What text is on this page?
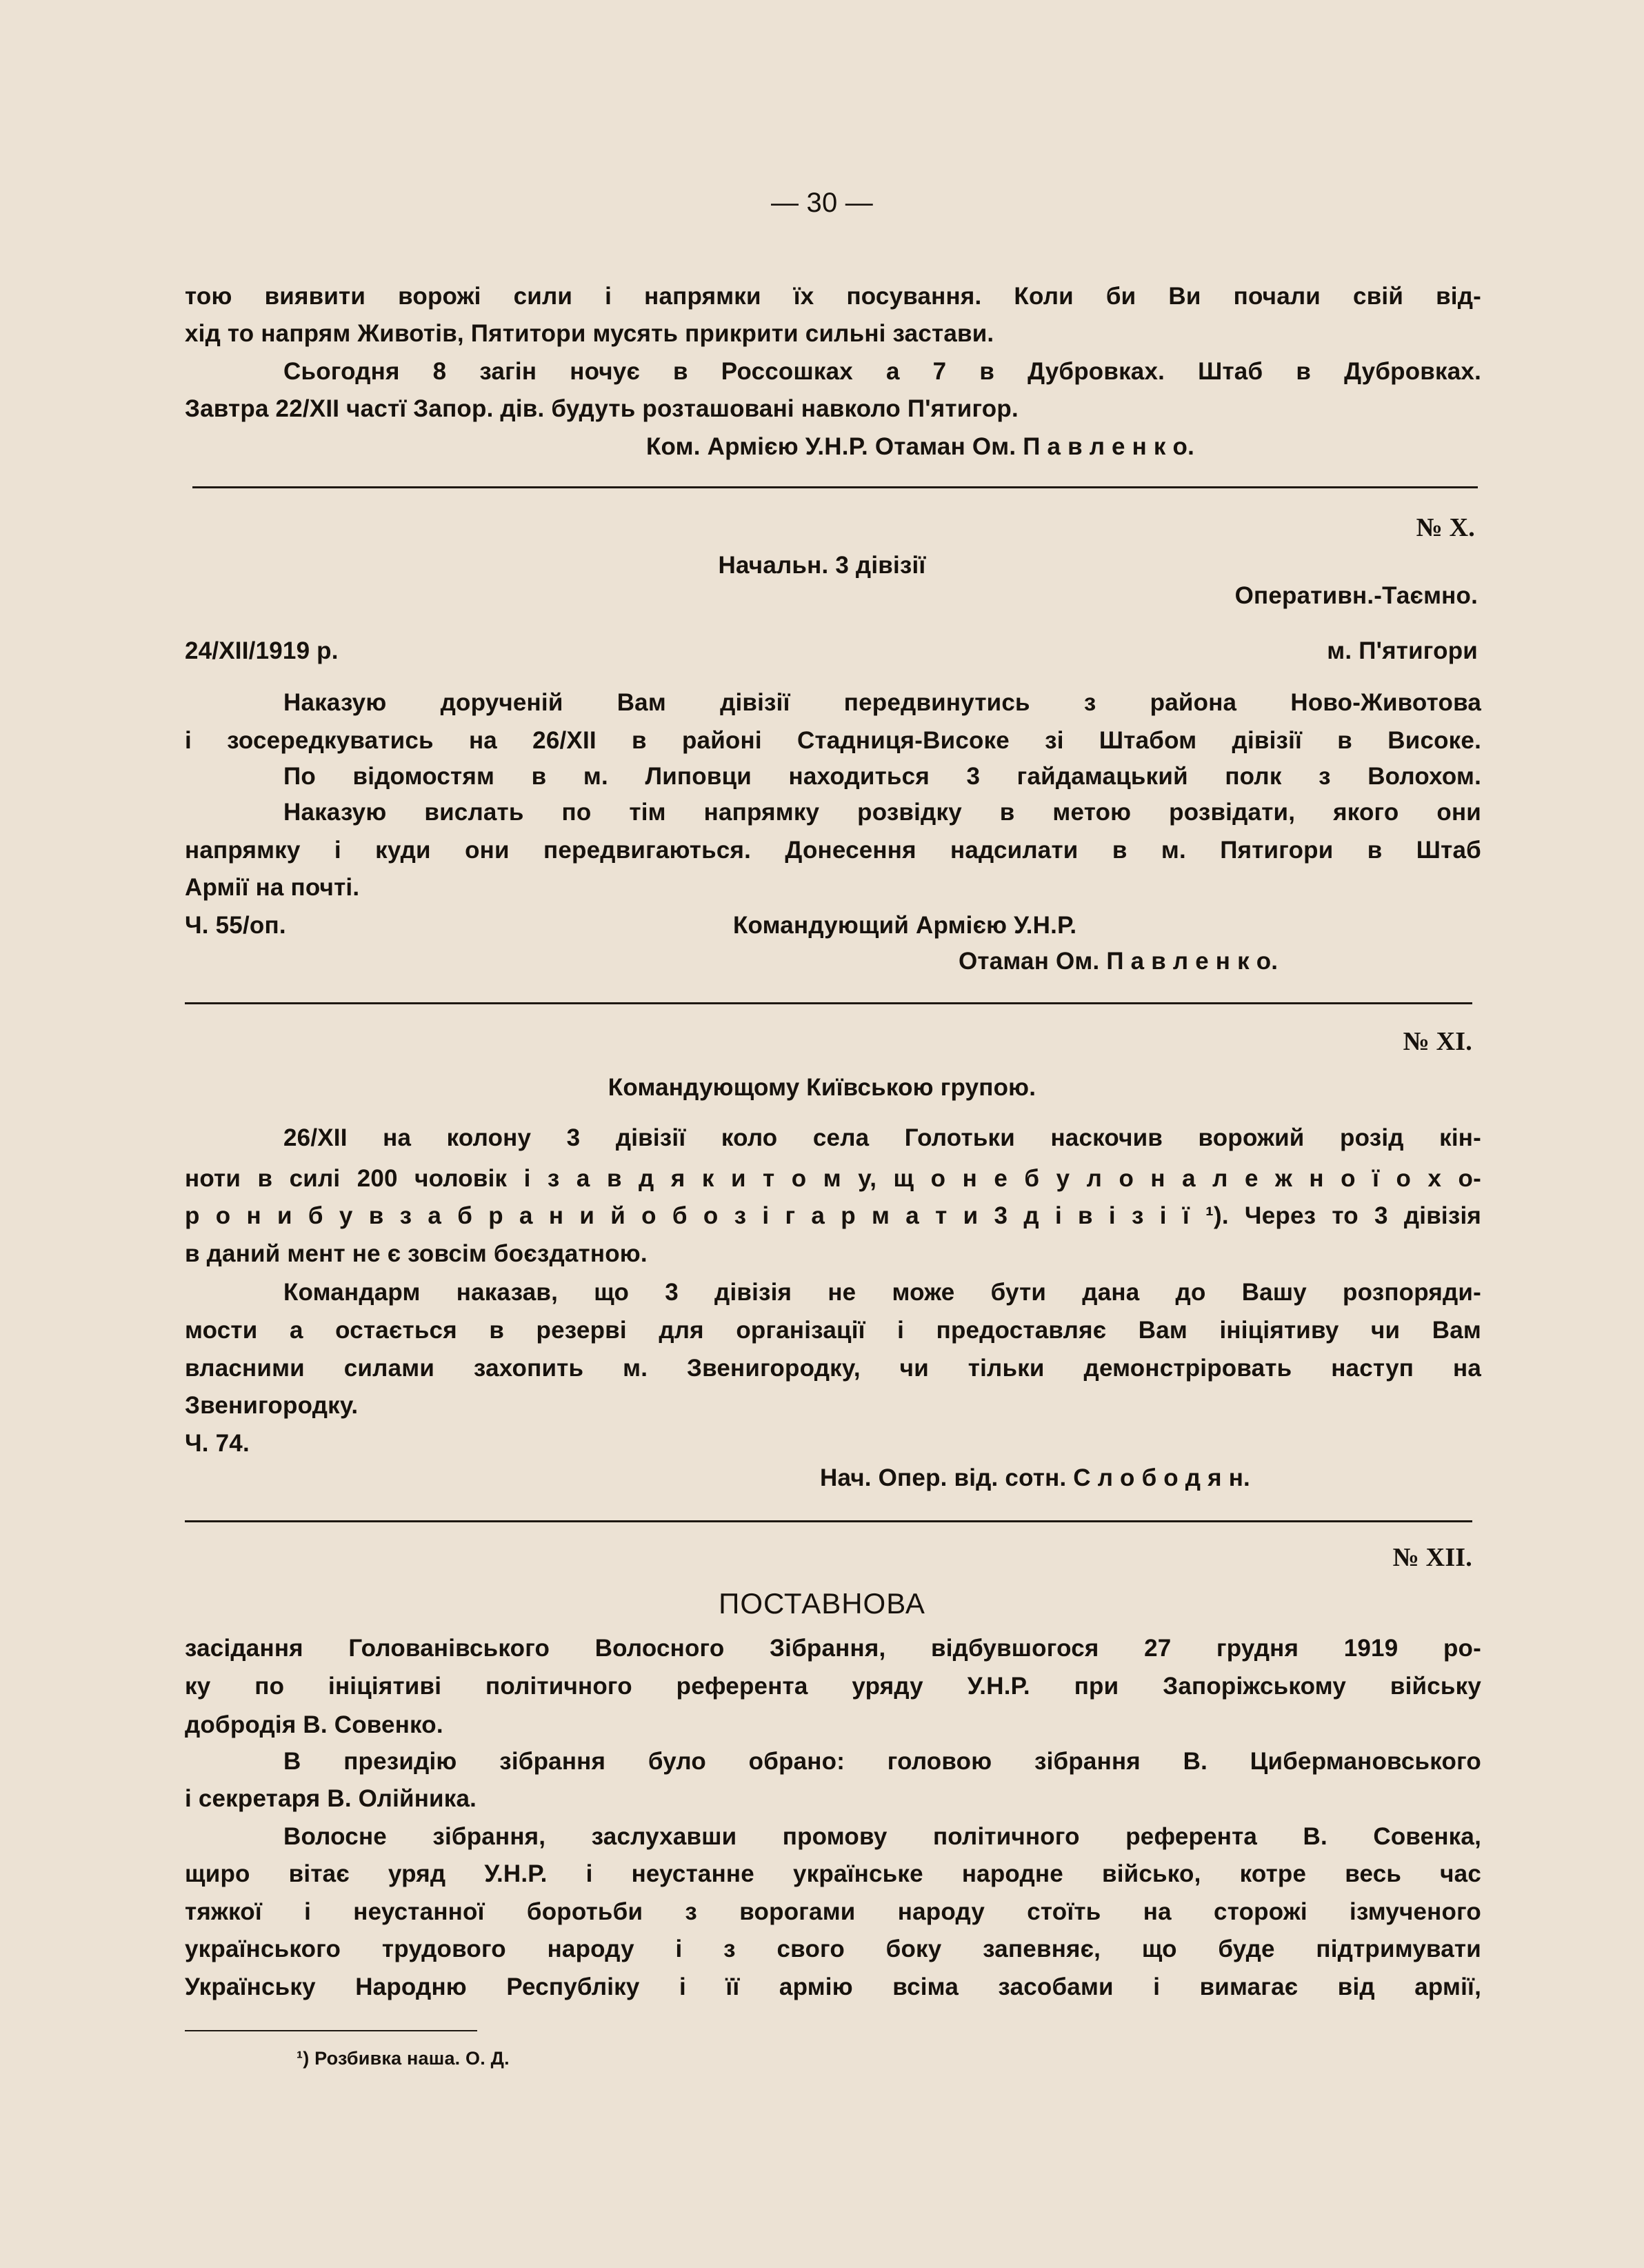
— 30 —
тою виявити ворожі сили і напрямки їх посування. Коли би Ви почали свій від-
хід то напрям Животів, Пятитори мусять прикрити сильні застави.
Сьогодня 8 загін ночує в Россошках а 7 в Дубровках. Штаб в Дубровках.
Завтра 22/XII частї Запор. дів. будуть розташовані навколо П'ятигор.
Ком. Армією У.Н.Р. Отаман Ом. П а в л е н к о.
№ X.
Начальн. 3 дівізії
Оперативн.-Таємно.
24/XII/1919 р.	м. П'ятигори
Наказую дорученій Вам дівізії передвинутись з района Ново-Животова
і зосередкуватись на 26/XII в районі Стадниця-Високе зі Штабом дівізії в Високе.
По відомостям в м. Липовци находиться 3 гайдамацький полк з Волохом.
Наказую вислать по тім напрямку розвідку в метою розвідати, якого они
напрямку і куди они передвигаються. Донесення надсилати в м. Пятигори в Штаб
Армії на почті.
Ч. 55/оп.	Командующий Армією У.Н.Р.
Отаман Ом. П а в л е н к о.
№ XI.
Командующому Київською групою.
26/XII на колону 3 дівізії коло села Голотьки наскочив ворожий розід кін-
ноти в силі 200 чоловік і з а в д я к и т о м у, щ о н е б у л о н а л е ж н о ї о х о-
р о н и б у в з а б р а н и й о б о з і г а р м а т и 3 д і в і з і ї ¹). Через то 3 дівізія
в даний мент не є зовсім боєздатною.
Командарм наказав, що 3 дівізія не може бути дана до Вашу розпоряди-
мости а остається в резерві для організації і предоставляє Вам ініціятиву чи Вам
власними силами захопить м. Звенигородку, чи тільки демонстріровать наступ на
Звенигородку.
Ч. 74.
Нач. Опер. від. сотн. С л о б о д я н.
№ XII.
ПОСТАВНОВА
засідання Голованівського Волосного Зібрання, відбувшогося 27 грудня 1919 ро-
ку по ініціятиві політичного референта уряду У.Н.Р. при Запоріжському війську
добродія В. Совенко.
В президію зібрання було обрано: головою зібрання В. Цибермановського
і секретаря В. Олійника.
Волосне зібрання, заслухавши промову політичного референта В. Совенка,
щиро вітає уряд У.Н.Р. і неустанне українське народне військо, котре весь час
тяжкої і неустанної боротьби з ворогами народу стоїть на сторожі ізмученого
українського трудового народу і з свого боку запевняє, що буде підтримувати
Українську Народню Республіку і її армію всіма засобами і вимагає від армії,
¹) Розбивка наша. О. Д.
